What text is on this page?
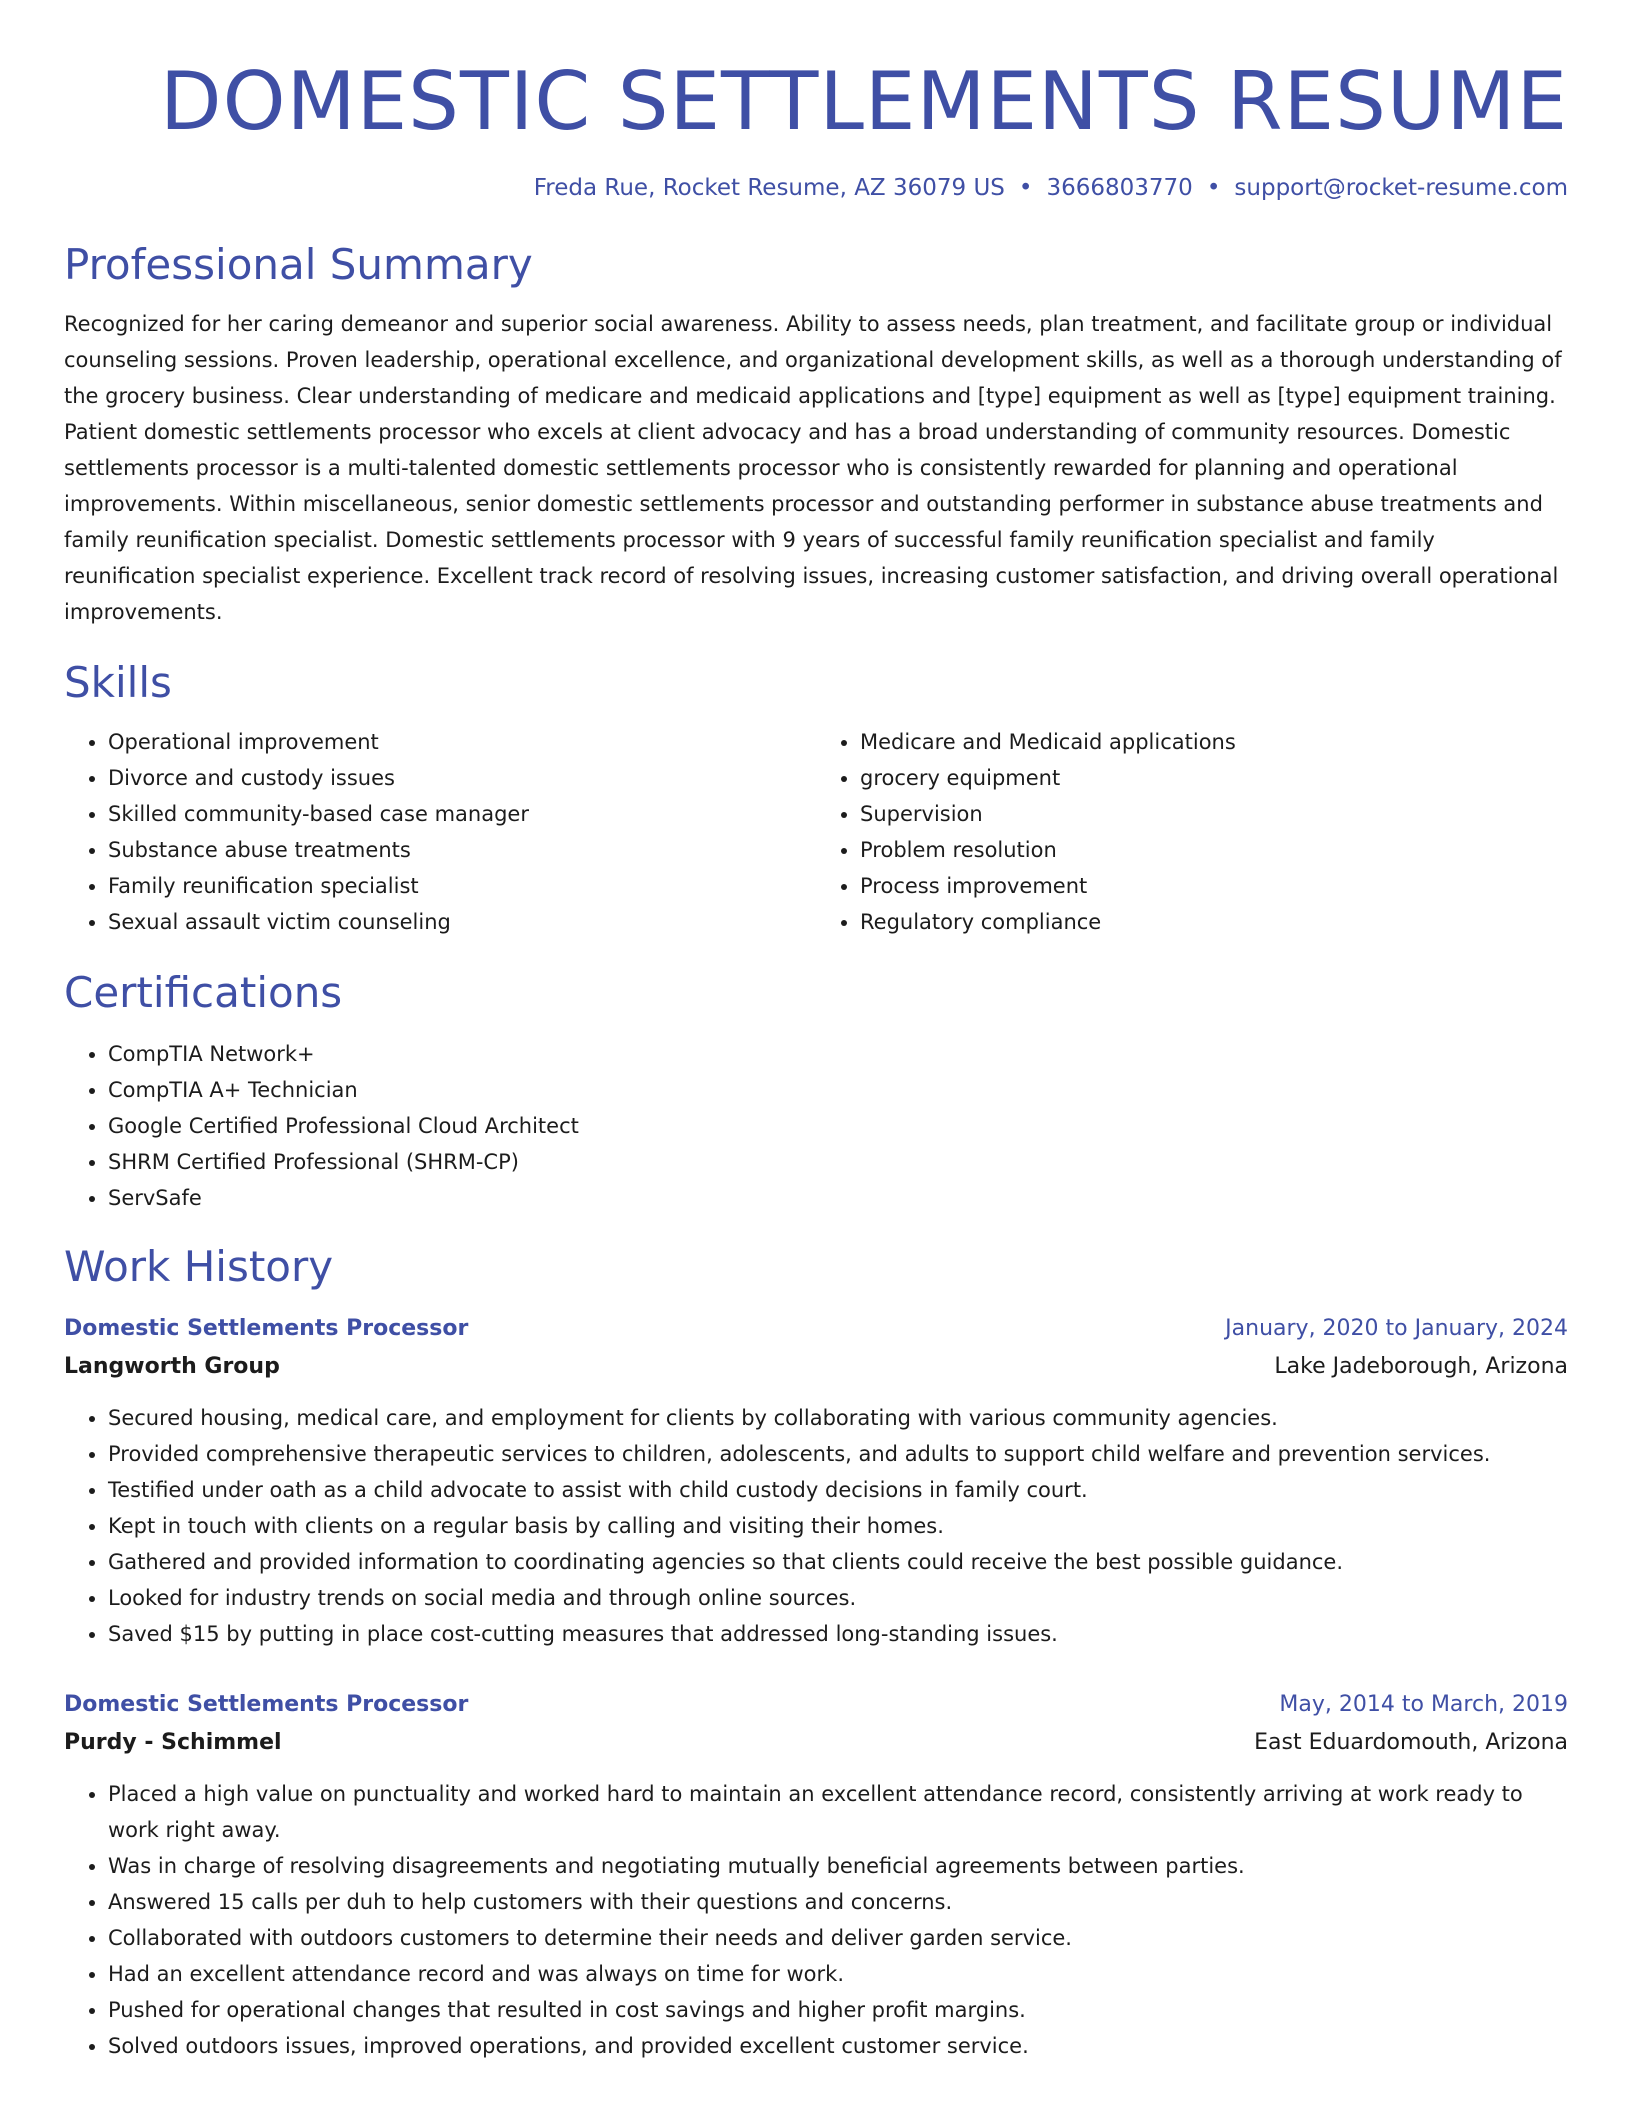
DOMESTIC SETTLEMENTS RESUME
Freda Rue, Rocket Resume, AZ 36079 US • 3666803770 • support@rocket-resume.com
Professional Summary

Recognized for her caring demeanor and superior social awareness. Ability to assess needs, plan treatment, and facilitate group or individual counseling sessions. Proven leadership, operational excellence, and organizational development skills, as well as a thorough understanding of the grocery business. Clear understanding of medicare and medicaid applications and [type] equipment as well as [type] equipment training. Patient domestic settlements processor who excels at client advocacy and has a broad understanding of community resources. Domestic settlements processor is a multi-talented domestic settlements processor who is consistently rewarded for planning and operational improvements. Within miscellaneous, senior domestic settlements processor and outstanding performer in substance abuse treatments and family reunification specialist. Domestic settlements processor with 9 years of successful family reunification specialist and family reunification specialist experience. Excellent track record of resolving issues, increasing customer satisfaction, and driving overall operational improvements.

Skills
• Operational improvement
• Divorce and custody issues
• Skilled community-based case manager
• Substance abuse treatments
• Family reunification specialist
• Sexual assault victim counseling
• Medicare and Medicaid applications
• grocery equipment
• Supervision
• Problem resolution
• Process improvement
• Regulatory compliance
Certifications
• CompTIA Network+
• CompTIA A+ Technician
• Google Certified Professional Cloud Architect
• SHRM Certified Professional (SHRM-CP)
• ServSafe
Work History
Domestic Settlements Processor	January, 2020 to January, 2024
Langworth Group	Lake Jadeborough, Arizona
• Secured housing, medical care, and employment for clients by collaborating with various community agencies.
• Provided comprehensive therapeutic services to children, adolescents, and adults to support child welfare and prevention services.
• Testified under oath as a child advocate to assist with child custody decisions in family court.
• Kept in touch with clients on a regular basis by calling and visiting their homes.
• Gathered and provided information to coordinating agencies so that clients could receive the best possible guidance.
• Looked for industry trends on social media and through online sources.
• Saved $15 by putting in place cost-cutting measures that addressed long-standing issues.
Domestic Settlements Processor	May, 2014 to March, 2019
Purdy - Schimmel	East Eduardomouth, Arizona
• Placed a high value on punctuality and worked hard to maintain an excellent attendance record, consistently arriving at work ready to work right away.
• Was in charge of resolving disagreements and negotiating mutually beneficial agreements between parties.
• Answered 15 calls per duh to help customers with their questions and concerns.
• Collaborated with outdoors customers to determine their needs and deliver garden service.
• Had an excellent attendance record and was always on time for work.
• Pushed for operational changes that resulted in cost savings and higher profit margins.
• Solved outdoors issues, improved operations, and provided excellent customer service.
